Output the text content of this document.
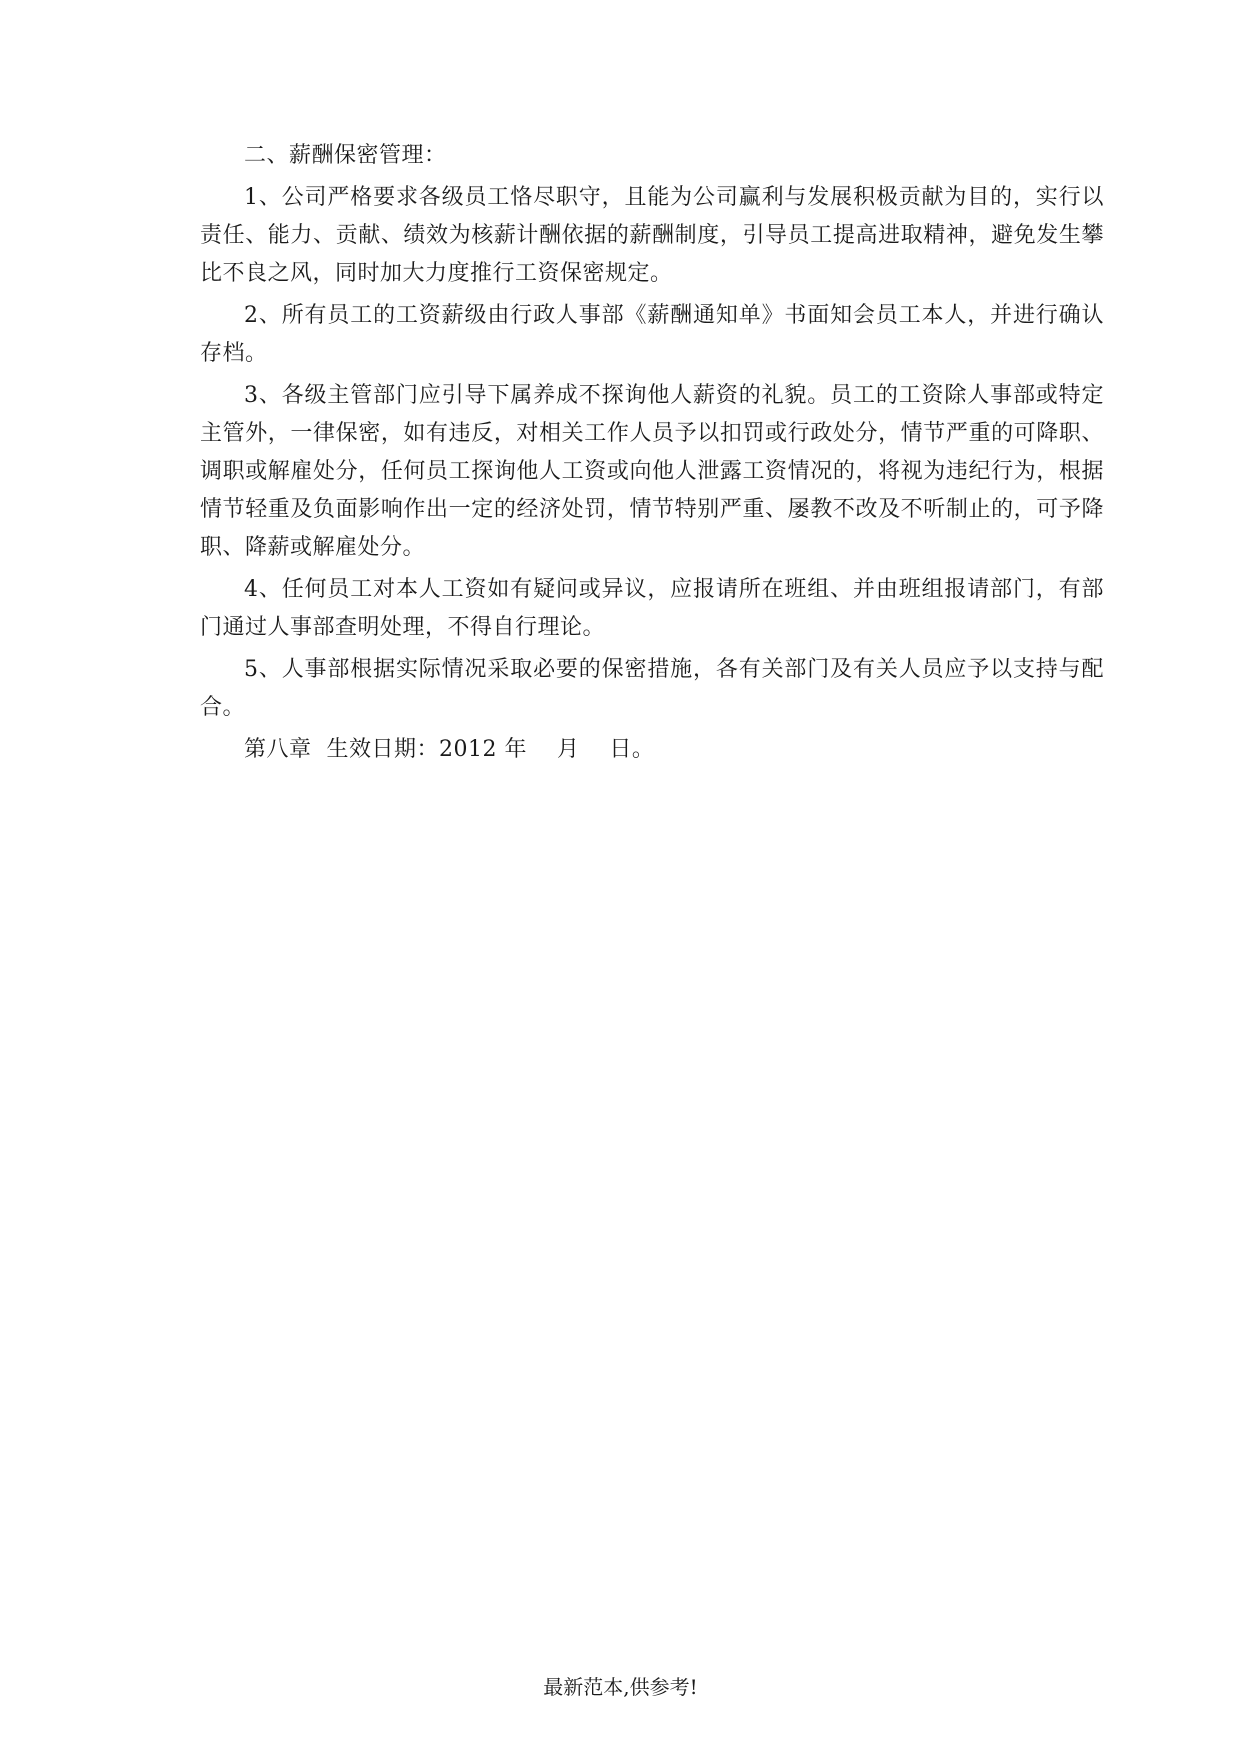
二、薪酬保密管理：

1、公司严格要求各级员工恪尽职守，且能为公司赢利与发展积极贡献为目的，实行以责任、能力、贡献、绩效为核薪计酬依据的薪酬制度，引导员工提高进取精神，避免发生攀比不良之风，同时加大力度推行工资保密规定。

2、所有员工的工资薪级由行政人事部《薪酬通知单》书面知会员工本人，并进行确认存档。

3、各级主管部门应引导下属养成不探询他人薪资的礼貌。员工的工资除人事部或特定主管外，一律保密，如有违反，对相关工作人员予以扣罚或行政处分，情节严重的可降职、调职或解雇处分，任何员工探询他人工资或向他人泄露工资情况的，将视为违纪行为，根据情节轻重及负面影响作出一定的经济处罚，情节特别严重、屡教不改及不听制止的，可予降职、降薪或解雇处分。

4、任何员工对本人工资如有疑问或异议，应报请所在班组、并由班组报请部门，有部门通过人事部查明处理，不得自行理论。

5、人事部根据实际情况采取必要的保密措施，各有关部门及有关人员应予以支持与配合。

第八章  生效日期：2012 年    月    日。

最新范本,供参考!
